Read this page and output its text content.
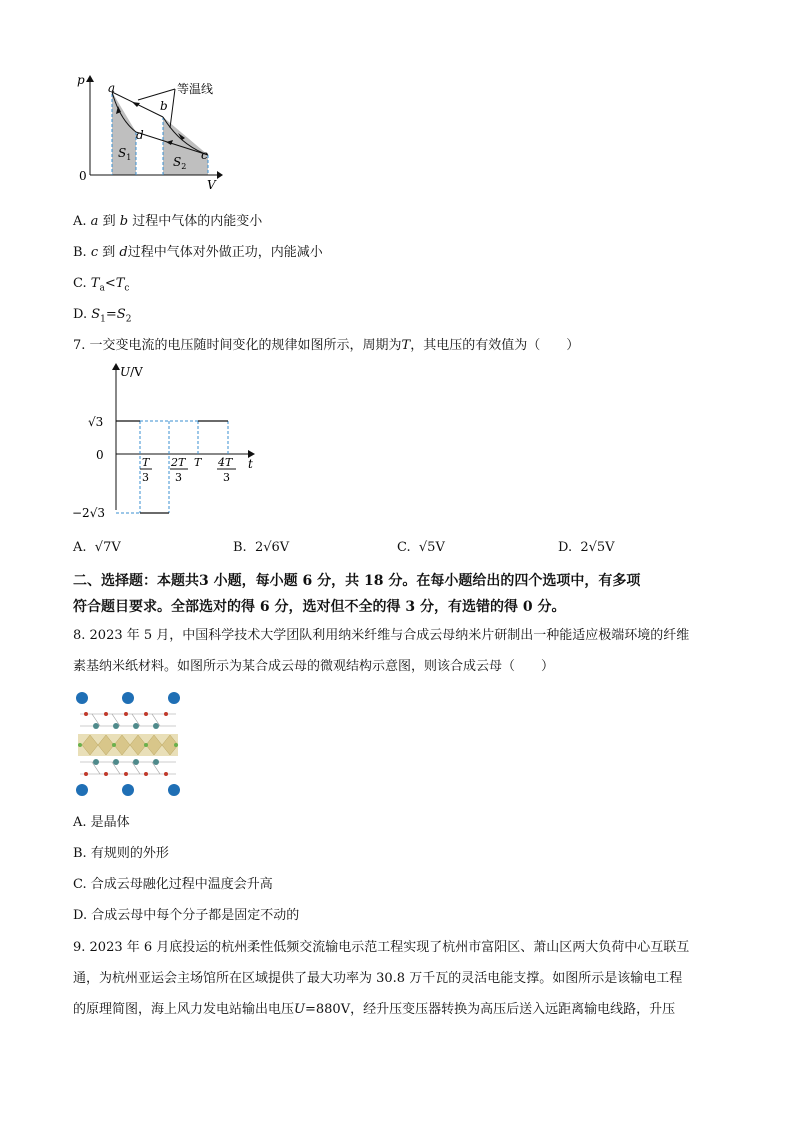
p
V
0
等温线
a
b
c
d
$S_1$	$S_2$
A. a 到 b 过程中气体的内能变小
B. c 到 d过程中气体对外做正功，内能减小
C. $T_a<T_c$
D. $S_1=S_2$
7. 一交变电流的电压随时间变化的规律如图所示，周期为T，其电压的有效值为（　　）
U/V
t
0
√3
−2√3
T
3
2T
3
T 4T
3
A. √7V	B. 2√6V	C. √5V	D. 2√5V
二、选择题：本题共3 小题，每小题 6 分，共 18 分。在每小题给出的四个选项中，有多项
符合题目要求。全部选对的得 6 分，选对但不全的得 3 分，有选错的得 0 分。
8. 2023 年 5 月，中国科学技术大学团队利用纳米纤维与合成云母纳米片研制出一种能适应极端环境的纤维
素基纳米纸材料。如图所示为某合成云母的微观结构示意图，则该合成云母（　　）
A. 是晶体
B. 有规则的外形
C. 合成云母融化过程中温度会升高
D. 合成云母中每个分子都是固定不动的
9. 2023 年 6 月底投运的杭州柔性低频交流输电示范工程实现了杭州市富阳区、萧山区两大负荷中心互联互
通，为杭州亚运会主场馆所在区域提供了最大功率为 30.8 万千瓦的灵活电能支撑。如图所示是该输电工程
的原理简图，海上风力发电站输出电压U=880V，经升压变压器转换为高压后送入远距离输电线路，升压
